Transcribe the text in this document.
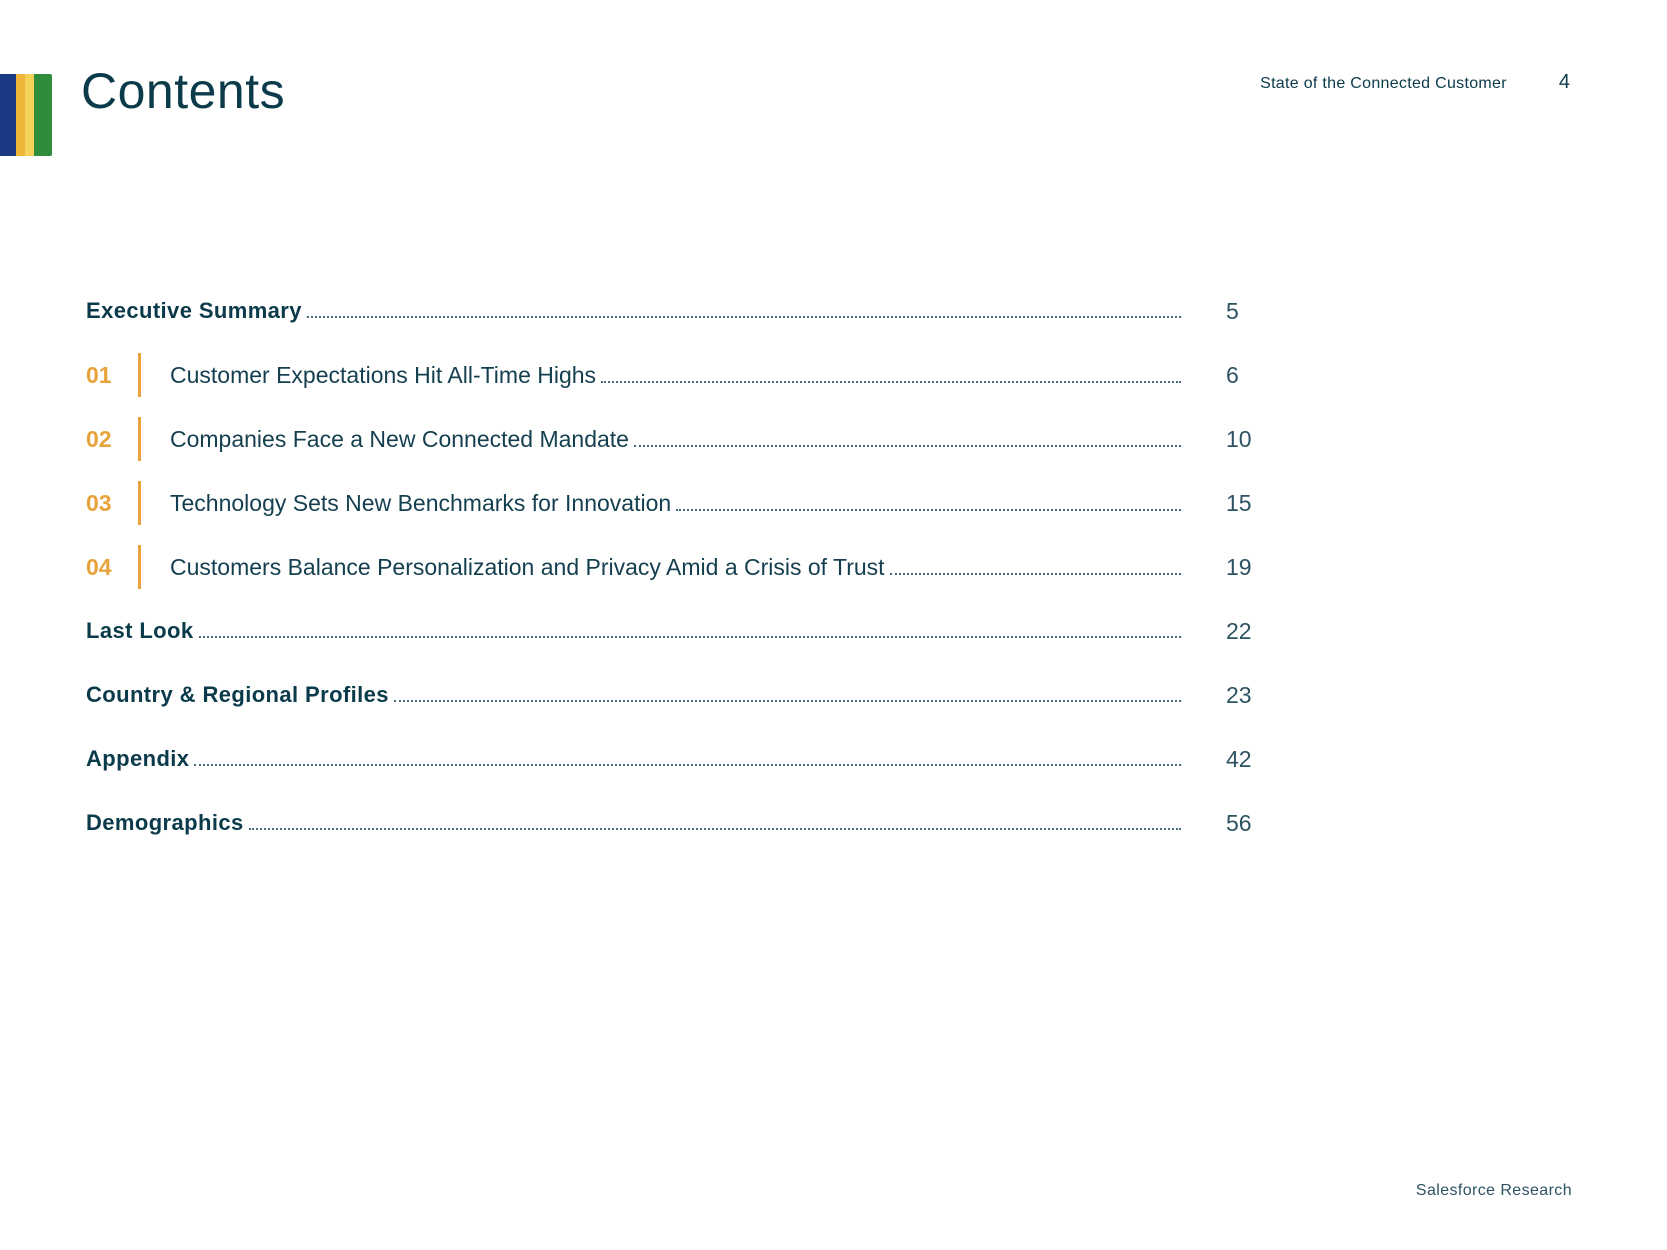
Contents	State of the Connected Customer	4
Executive Summary	5
01	Customer Expectations Hit All-Time Highs	6
02	Companies Face a New Connected Mandate	10
03	Technology Sets New Benchmarks for Innovation	15
04	Customers Balance Personalization and Privacy Amid a Crisis of Trust	19
Last Look	22
Country & Regional Profiles	23
Appendix	42
Demographics	56
Salesforce Research
